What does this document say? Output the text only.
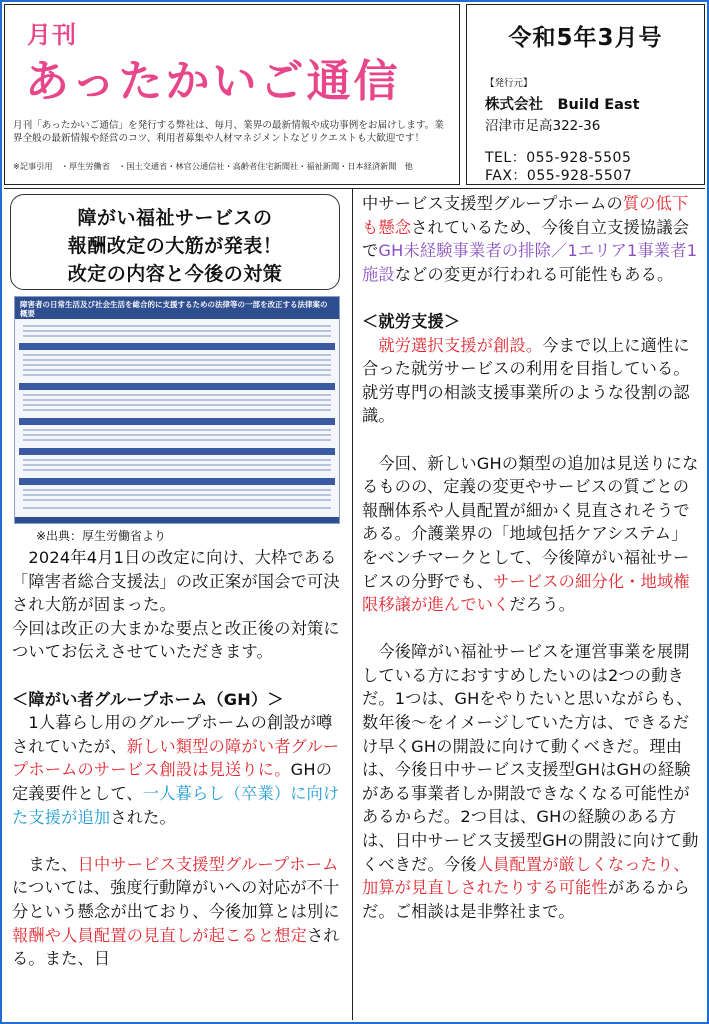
月刊
あったかいご通信
月刊「あったかいご通信」を発行する弊社は、毎月、業界の最新情報や成功事例をお届けします。業界全般の最新情報や経営のコツ、利用者募集や人材マネジメントなどリクエストも大歓迎です！
※記事引用　・厚生労働省　・国土交通省・林官公通信社・高齢者住宅新聞社・福祉新聞・日本経済新聞　他
令和5年3月号
【発行元】
株式会社　Build East
沼津市足高322-36
TEL：055-928-5505
FAX：055-928-5507
障がい福祉サービスの
報酬改定の大筋が発表！
改定の内容と今後の対策
障害者の日常生活及び社会生活を総合的に支援するための法律等の一部を改正する法律案の概要
※出典：厚生労働省より

　2024年4月1日の改定に向け、大枠である「障害者総合支援法」の改正案が国会で可決され大筋が固まった。

今回は改正の大まかな要点と改正後の対策についてお伝えさせていただきます。

＜障がい者グループホーム（GH）＞

　1人暮らし用のグループホームの創設が噂されていたが、新しい類型の障がい者グループホームのサービス創設は見送りに。GHの定義要件として、一人暮らし（卒業）に向けた支援が追加された。

　また、日中サービス支援型グループホームについては、強度行動障がいへの対応が不十分という懸念が出ており、今後加算とは別に報酬や人員配置の見直しが起こると想定される。また、日

中サービス支援型グループホームの質の低下も懸念されているため、今後自立支援協議会でGH未経験事業者の排除／1エリア1事業者1施設などの変更が行われる可能性もある。

＜就労支援＞

　就労選択支援が創設。今まで以上に適性に合った就労サービスの利用を目指している。就労専門の相談支援事業所のような役割の認識。

　今回、新しいGHの類型の追加は見送りになるものの、定義の変更やサービスの質ごとの報酬体系や人員配置が細かく見直されそうである。介護業界の「地域包括ケアシステム」をベンチマークとして、今後障がい福祉サービスの分野でも、サービスの細分化・地域権限移譲が進んでいくだろう。

　今後障がい福祉サービスを運営事業を展開している方におすすめしたいのは2つの動きだ。1つは、GHをやりたいと思いながらも、数年後〜をイメージしていた方は、できるだけ早くGHの開設に向けて動くべきだ。理由は、今後日中サービス支援型GHはGHの経験がある事業者しか開設できなくなる可能性があるからだ。2つ目は、GHの経験のある方は、日中サービス支援型GHの開設に向けて動くべきだ。今後人員配置が厳しくなったり、加算が見直しされたりする可能性があるからだ。ご相談は是非弊社まで。
